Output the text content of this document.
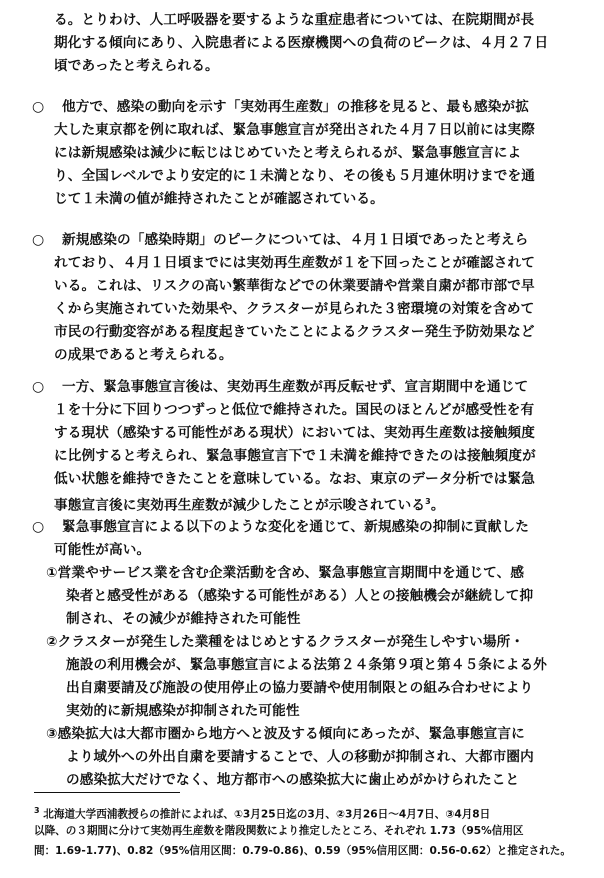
る。とりわけ、人工呼吸器を要するような重症患者については、在院期間が長
期化する傾向にあり、入院患者による医療機関への負荷のピークは、４月２７日
頃であったと考えられる。
○ 他方で、感染の動向を示す「実効再生産数」の推移を見ると、最も感染が拡
大した東京都を例に取れば、緊急事態宣言が発出された４月７日以前には実際
には新規感染は減少に転じはじめていたと考えられるが、緊急事態宣言によ
り、全国レベルでより安定的に１未満となり、その後も５月連休明けまでを通
じて１未満の値が維持されたことが確認されている。
○ 新規感染の「感染時期」のピークについては、４月１日頃であったと考えら
れており、４月１日頃までには実効再生産数が１を下回ったことが確認されて
いる。これは、リスクの高い繁華街などでの休業要請や営業自粛が都市部で早
くから実施されていた効果や、クラスターが見られた３密環境の対策を含めて
市民の行動変容がある程度起きていたことによるクラスター発生予防効果など
の成果であると考えられる。
○ 一方、緊急事態宣言後は、実効再生産数が再反転せず、宣言期間中を通じて
１を十分に下回りつつずっと低位で維持された。国民のほとんどが感受性を有
する現状（感染する可能性がある現状）においては、実効再生産数は接触頻度
に比例すると考えられ、緊急事態宣言下で１未満を維持できたのは接触頻度が
低い状態を維持できたことを意味している。なお、東京のデータ分析では緊急
事態宣言後に実効再生産数が減少したことが示唆されている$^3$。
○ 緊急事態宣言による以下のような変化を通じて、新規感染の抑制に貢献した
可能性が高い。
①営業やサービス業を含む企業活動を含め、緊急事態宣言期間中を通じて、感
染者と感受性がある（感染する可能性がある）人との接触機会が継続して抑
制され、その減少が維持された可能性
②クラスターが発生した業種をはじめとするクラスターが発生しやすい場所・
施設の利用機会が、緊急事態宣言による法第２４条第９項と第４５条による外
出自粛要請及び施設の使用停止の協力要請や使用制限との組み合わせにより
実効的に新規感染が抑制された可能性
③感染拡大は大都市圏から地方へと波及する傾向にあったが、緊急事態宣言に
より域外への外出自粛を要請することで、人の移動が抑制され、大都市圏内
の感染拡大だけでなく、地方都市への感染拡大に歯止めがかけられたこと
$^3$ 北海道大学西浦教授らの推計によれば、①3月25日迄の3月、②3月26日～4月7日、③4月8日
以降、の３期間に分けて実効再生産数を階段関数により推定したところ、それぞれ 1.73（95%信用区
間：1.69-1.77)、0.82（95%信用区間：0.79-0.86)、0.59（95%信用区間：0.56-0.62）と推定された。
